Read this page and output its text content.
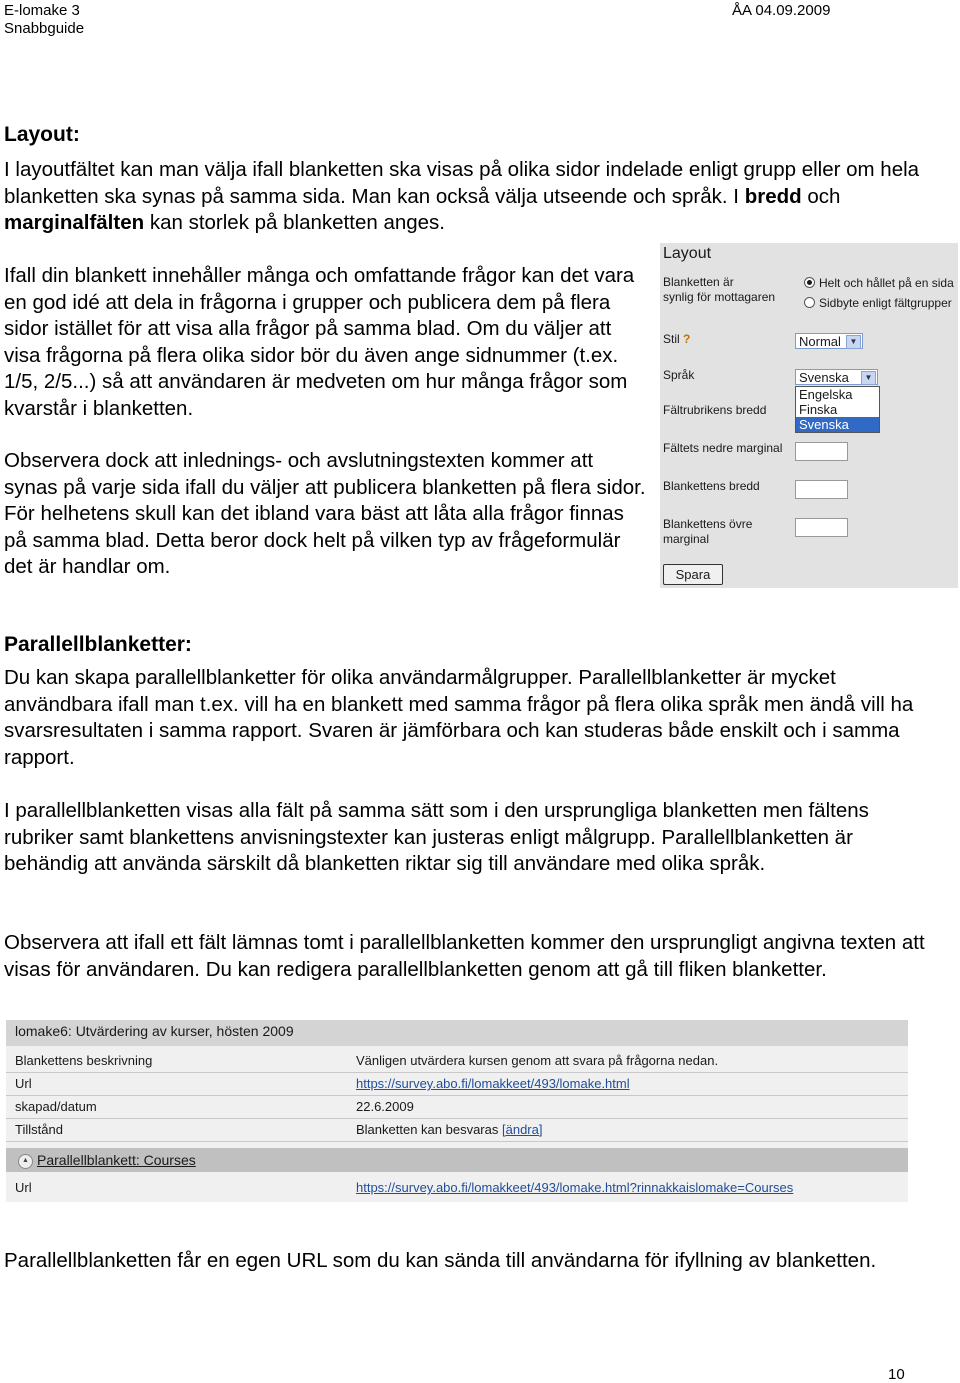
E-lomake 3
Snabbguide
ÅA 04.09.2009
Layout:

I layoutfältet kan man välja ifall blanketten ska visas på olika sidor indelade enligt grupp eller om hela blanketten ska synas på samma sida. Man kan också välja utseende och språk. I bredd och marginalfälten kan storlek på blanketten anges.

Ifall din blankett innehåller många och omfattande frågor kan det vara en god idé att dela in frågorna i grupper och publicera dem på flera sidor istället för att visa alla frågor på samma blad. Om du väljer att visa frågorna på flera olika sidor bör du även ange sidnummer (t.ex. 1/5, 2/5...) så att användaren är medveten om hur många frågor som kvarstår i blanketten.

Observera dock att inlednings- och avslutningstexten kommer att synas på varje sida ifall du väljer att publicera blanketten på flera sidor. För helhetens skull kan det ibland vara bäst att låta alla frågor finnas på samma blad. Detta beror dock helt på vilken typ av frågeformulär det är handlar om.

Layout
Blanketten är
synlig för mottagaren
Helt och hållet på en sida
Sidbyte enligt fältgrupper
Stil ?	Normal	▼
Språk	Svenska	▼
Engelska
Finska
Svenska
Fältrubrikens bredd
Fältets nedre marginal
Blankettens bredd
Blankettens övre
marginal
Spara
Parallellblanketter:

Du kan skapa parallellblanketter för olika användarmålgrupper. Parallellblanketter är mycket användbara ifall man t.ex. vill ha en blankett med samma frågor på flera olika språk men ändå vill ha svarsresultaten i samma rapport. Svaren är jämförbara och kan studeras både enskilt och i samma rapport.

I parallellblanketten visas alla fält på samma sätt som i den ursprungliga blanketten men fältens rubriker samt blankettens anvisningstexter kan justeras enligt målgrupp. Parallellblanketten är behändig att använda särskilt då blanketten riktar sig till användare med olika språk.

Observera att ifall ett fält lämnas tomt i parallellblanketten kommer den ursprungligt angivna texten att visas för användaren. Du kan redigera parallellblanketten genom att gå till fliken blanketter.

lomake6: Utvärdering av kurser, hösten 2009
Blankettens beskrivning	Vänligen utvärdera kursen genom att svara på frågorna nedan.
Url	https://survey.abo.fi/lomakkeet/493/lomake.html
skapad/datum	22.6.2009
Tillstånd	Blanketten kan besvaras [ändra]
▲ Parallellblankett: Courses
Url	https://survey.abo.fi/lomakkeet/493/lomake.html?rinnakkaislomake=Courses

Parallellblanketten får en egen URL som du kan sända till användarna för ifyllning av blanketten.

10
